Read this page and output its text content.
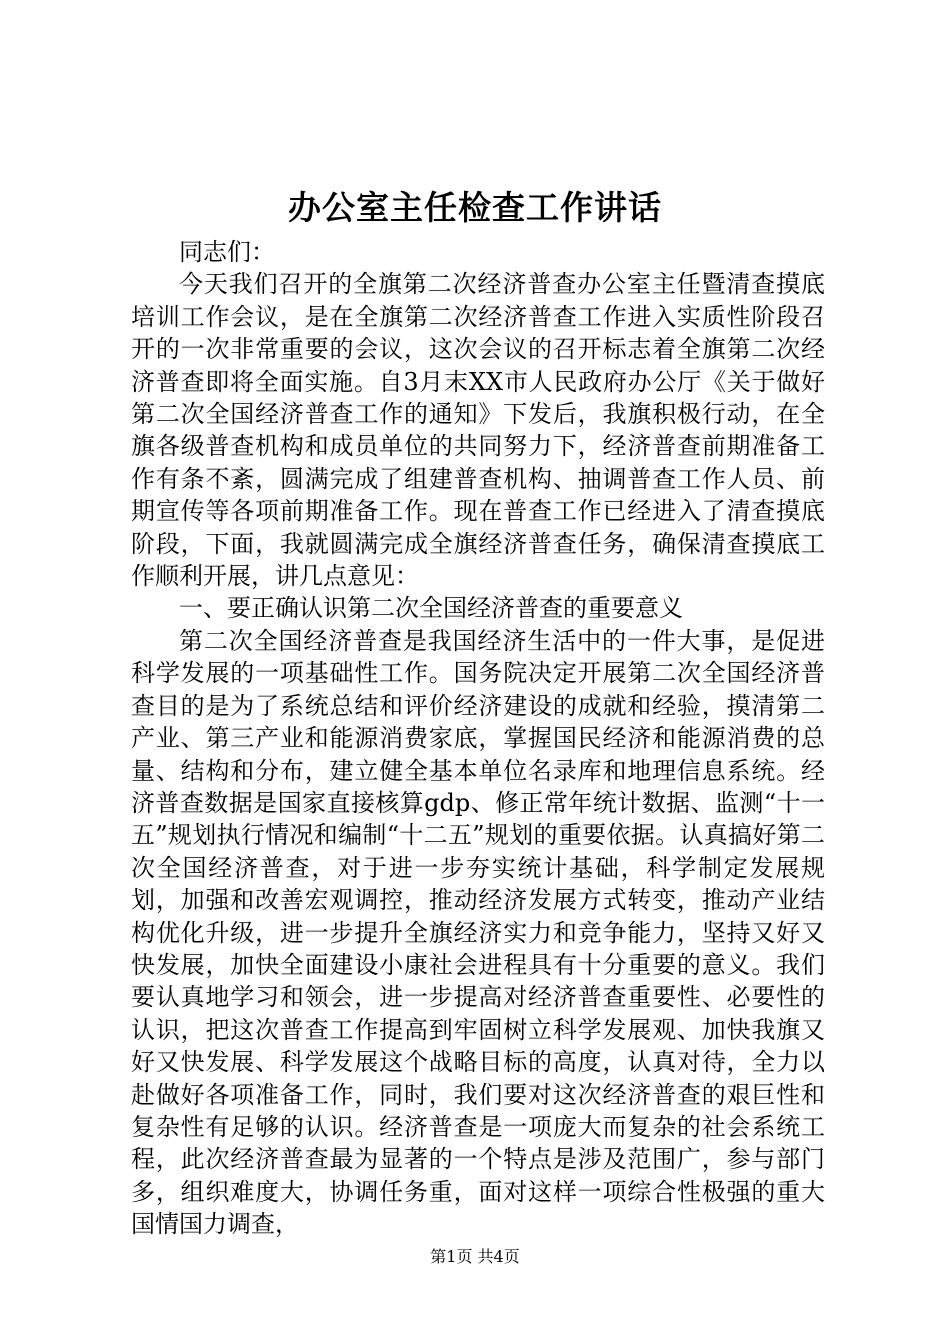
办公室主任检查工作讲话

同志们：

今天我们召开的全旗第二次经济普查办公室主任暨清查摸底培训工作会议，是在全旗第二次经济普查工作进入实质性阶段召开的一次非常重要的会议，这次会议的召开标志着全旗第二次经济普查即将全面实施。自3月末XX市人民政府办公厅《关于做好第二次全国经济普查工作的通知》下发后，我旗积极行动，在全旗各级普查机构和成员单位的共同努力下，经济普查前期准备工作有条不紊，圆满完成了组建普查机构、抽调普查工作人员、前期宣传等各项前期准备工作。现在普查工作已经进入了清查摸底阶段，下面，我就圆满完成全旗经济普查任务，确保清查摸底工作顺利开展，讲几点意见：

一、要正确认识第二次全国经济普查的重要意义

第二次全国经济普查是我国经济生活中的一件大事，是促进科学发展的一项基础性工作。国务院决定开展第二次全国经济普查目的是为了系统总结和评价经济建设的成就和经验，摸清第二产业、第三产业和能源消费家底，掌握国民经济和能源消费的总量、结构和分布，建立健全基本单位名录库和地理信息系统。经济普查数据是国家直接核算gdp、修正常年统计数据、监测“十一五”规划执行情况和编制“十二五”规划的重要依据。认真搞好第二次全国经济普查，对于进一步夯实统计基础，科学制定发展规划，加强和改善宏观调控，推动经济发展方式转变，推动产业结构优化升级，进一步提升全旗经济实力和竞争能力，坚持又好又快发展，加快全面建设小康社会进程具有十分重要的意义。我们要认真地学习和领会，进一步提高对经济普查重要性、必要性的认识，把这次普查工作提高到牢固树立科学发展观、加快我旗又好又快发展、科学发展这个战略目标的高度，认真对待，全力以赴做好各项准备工作，同时，我们要对这次经济普查的艰巨性和复杂性有足够的认识。经济普查是一项庞大而复杂的社会系统工程，此次经济普查最为显著的一个特点是涉及范围广，参与部门多，组织难度大，协调任务重，面对这样一项综合性极强的重大国情国力调查，

第1页 共4页
